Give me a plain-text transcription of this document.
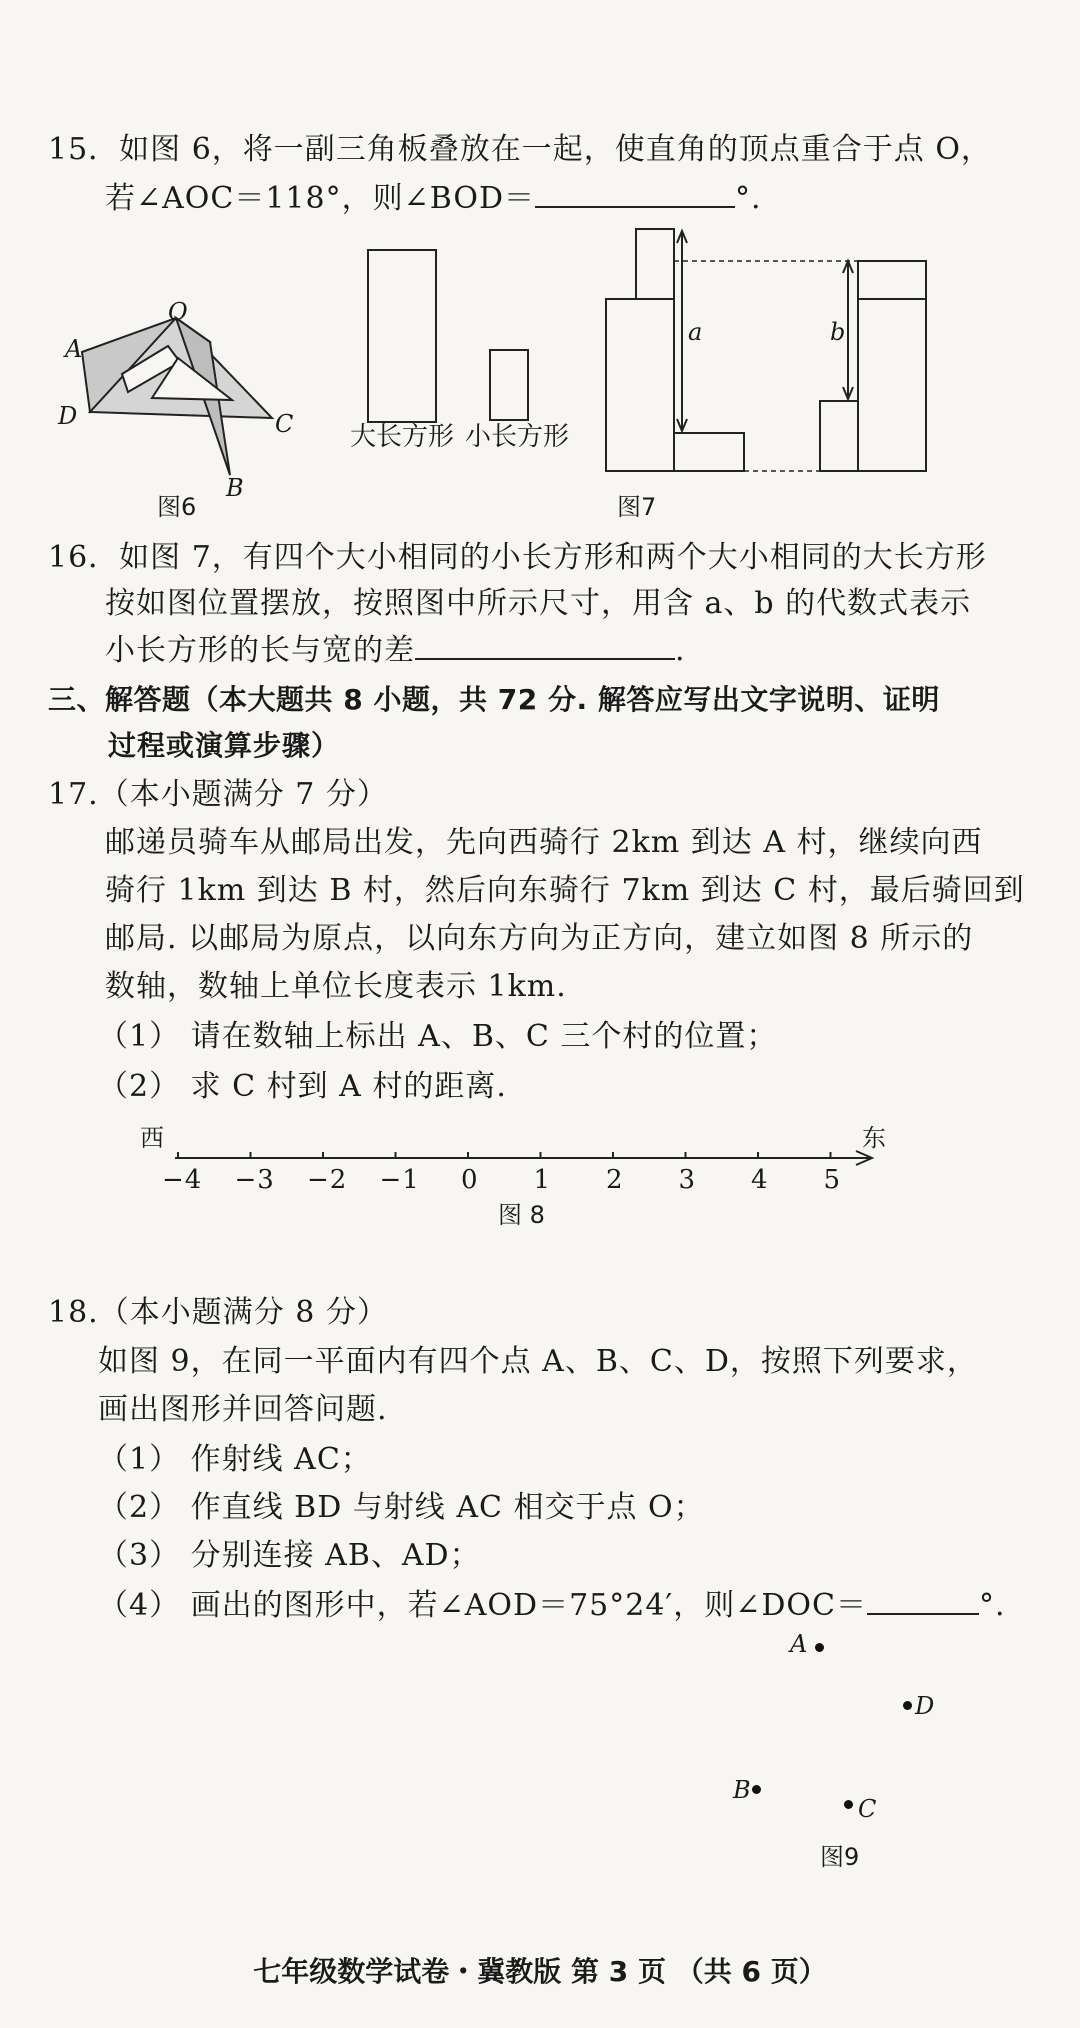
15．如图 6，将一副三角板叠放在一起，使直角的顶点重合于点 O，
若∠AOC＝118°，则∠BOD＝	°.
O
A
D	C
B
图6
大长方形 小长方形
a	b
图7
16．如图 7，有四个大小相同的小长方形和两个大小相同的大长方形
按如图位置摆放，按照图中所示尺寸，用含 a、b 的代数式表示
小长方形的长与宽的差	.
三、解答题（本大题共 8 小题，共 72 分. 解答应写出文字说明、证明
过程或演算步骤）
17.（本小题满分 7 分）
邮递员骑车从邮局出发，先向西骑行 2km 到达 A 村，继续向西
骑行 1km 到达 B 村，然后向东骑行 7km 到达 C 村，最后骑回到
邮局. 以邮局为原点，以向东方向为正方向，建立如图 8 所示的
数轴，数轴上单位长度表示 1km.
（1） 请在数轴上标出 A、B、C 三个村的位置；
（2） 求 C 村到 A 村的距离.
西	东
−4 −3 −2 −1 0 1 2 3 4 5
图 8
18.（本小题满分 8 分）
如图 9，在同一平面内有四个点 A、B、C、D，按照下列要求，
画出图形并回答问题.
（1） 作射线 AC；
（2） 作直线 BD 与射线 AC 相交于点 O；
（3） 分别连接 AB、AD；
（4） 画出的图形中，若∠AOD＝75°24′，则∠DOC＝	°.
A
D
B
C
图9
七年级数学试卷・冀教版 第 3 页 （共 6 页）
